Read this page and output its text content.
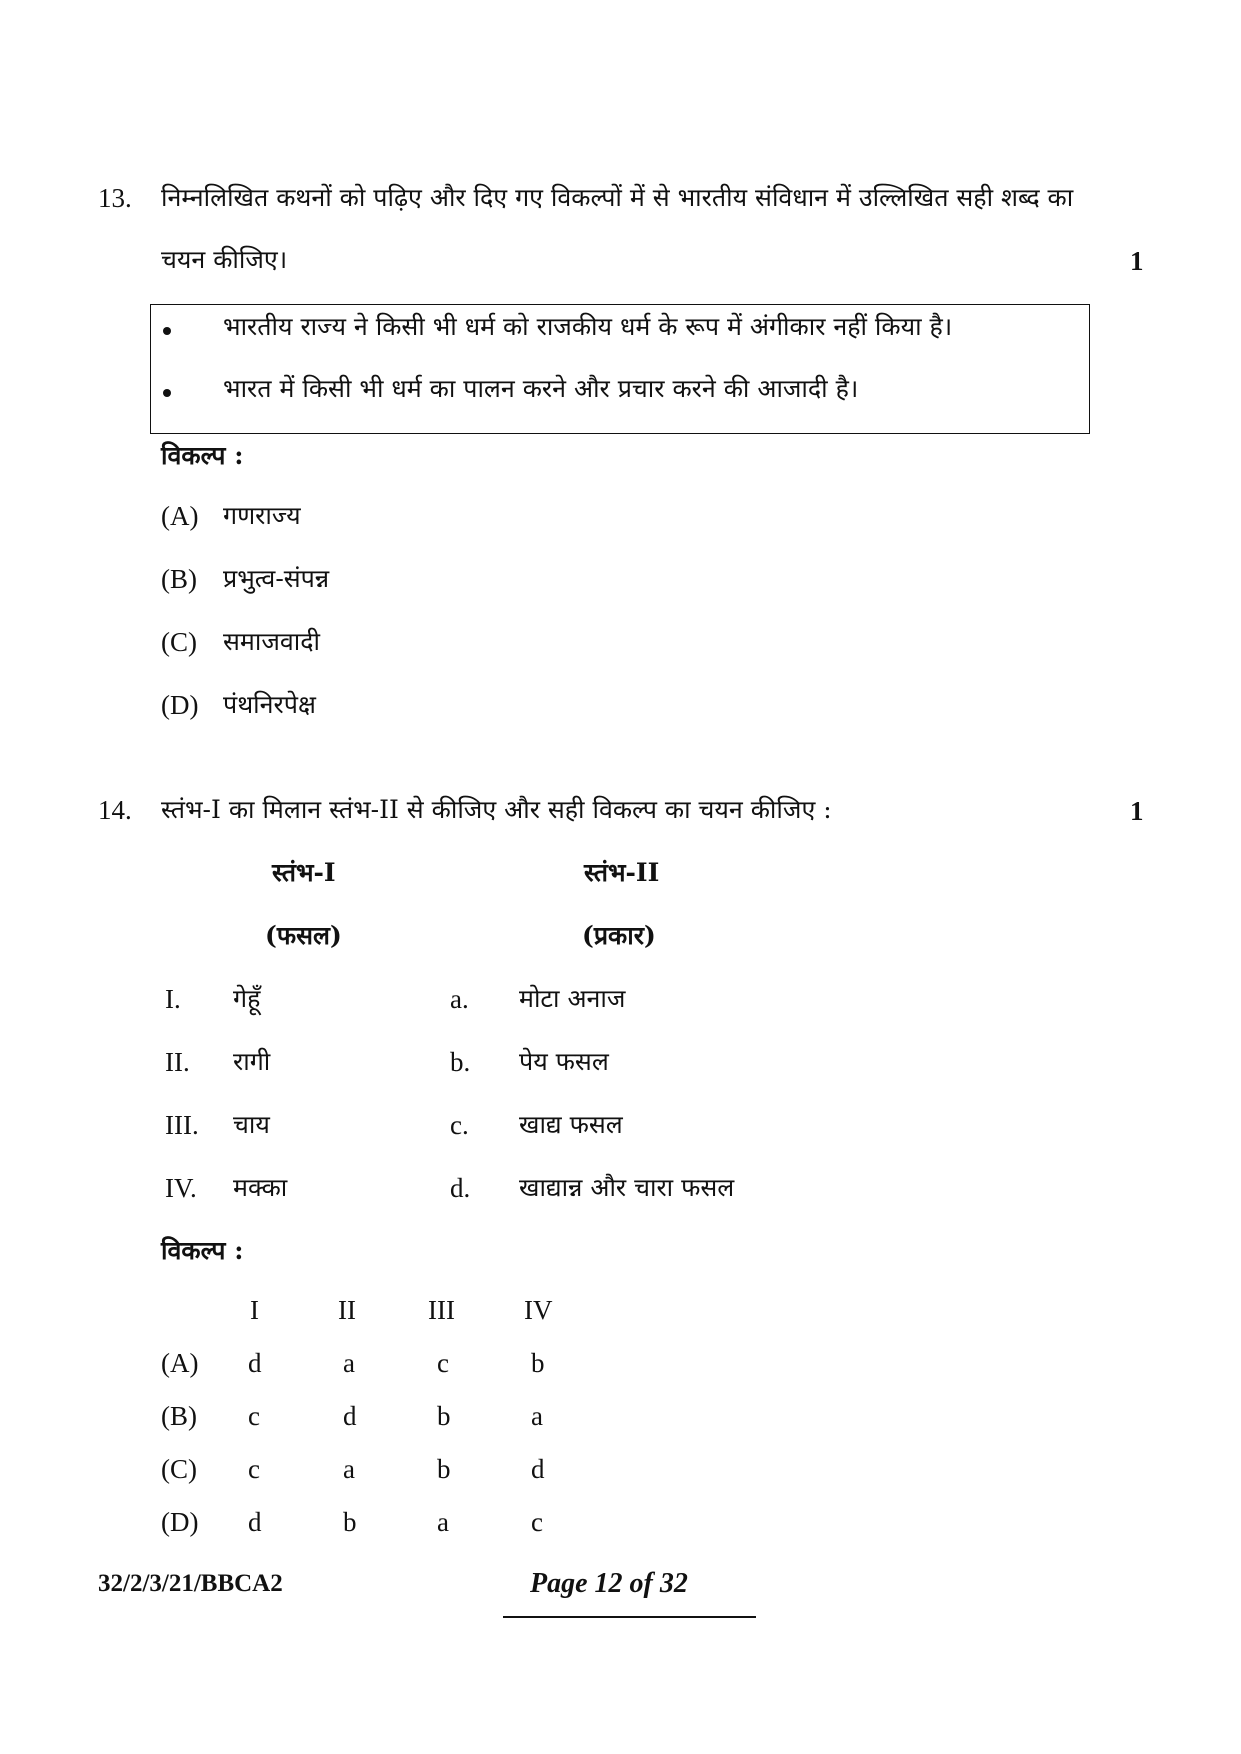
13. निम्नलिखित कथनों को पढ़िए और दिए गए विकल्पों में से भारतीय संविधान में उल्लिखित सही शब्द का
चयन कीजिए।	1
भारतीय राज्य ने किसी भी धर्म को राजकीय धर्म के रूप में अंगीकार नहीं किया है।
भारत में किसी भी धर्म का पालन करने और प्रचार करने की आजादी है।
विकल्प :
(A) गणराज्य
(B) प्रभुत्व-संपन्न
(C) समाजवादी
(D) पंथनिरपेक्ष
14. स्तंभ-I का मिलान स्तंभ-II से कीजिए और सही विकल्प का चयन कीजिए :	1
स्तंभ-I	स्तंभ-II
(फसल)	(प्रकार)
I. गेहूँ	a. मोटा अनाज
II. रागी	b. पेय फसल
III. चाय	c. खाद्य फसल
IV. मक्का	d. खाद्यान्न और चारा फसल
विकल्प :
I	II	III	IV
(A) d	a	c	b
(B) c	d	b	a
(C) c	a	b	d
(D) d	b	a	c
32/2/3/21/BBCA2	Page 12 of 32
